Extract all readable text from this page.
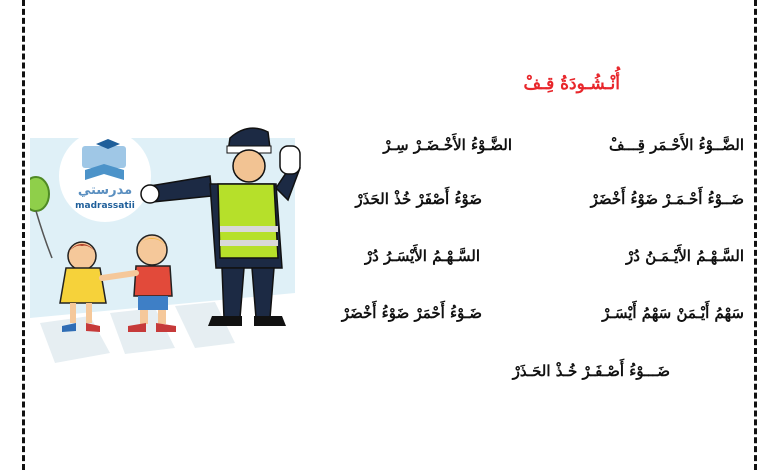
أُنْـشُـودَةُ قِـفْ
الضَّــوْءُ الأَحْـمَر قِـــفْ
الضَّـوْءُ الأَخْـضَـرْ سِـرْ
ضَــوْءُ أَحْـمَـرْ ضَوْءُ أَخْضَرْ
ضَوْءُ أَصْفَرْ خُذْ الحَذَرْ
السَّـهْـمُ الأَيْـمَـنُ دُرْ
السَّـهْـمُ الأَيْسَـرُ دُرْ
سَهْمُ أَيْـمَنْ سَهْمُ أَيْسَـرْ
ضَـوْءُ أَحْمَرْ ضَوْءُ أَخْضَرْ
ضَـــوْءُ أَصْـفَـرْ خُـذْ الحَـذَرْ
مدرستي
madrassatii
